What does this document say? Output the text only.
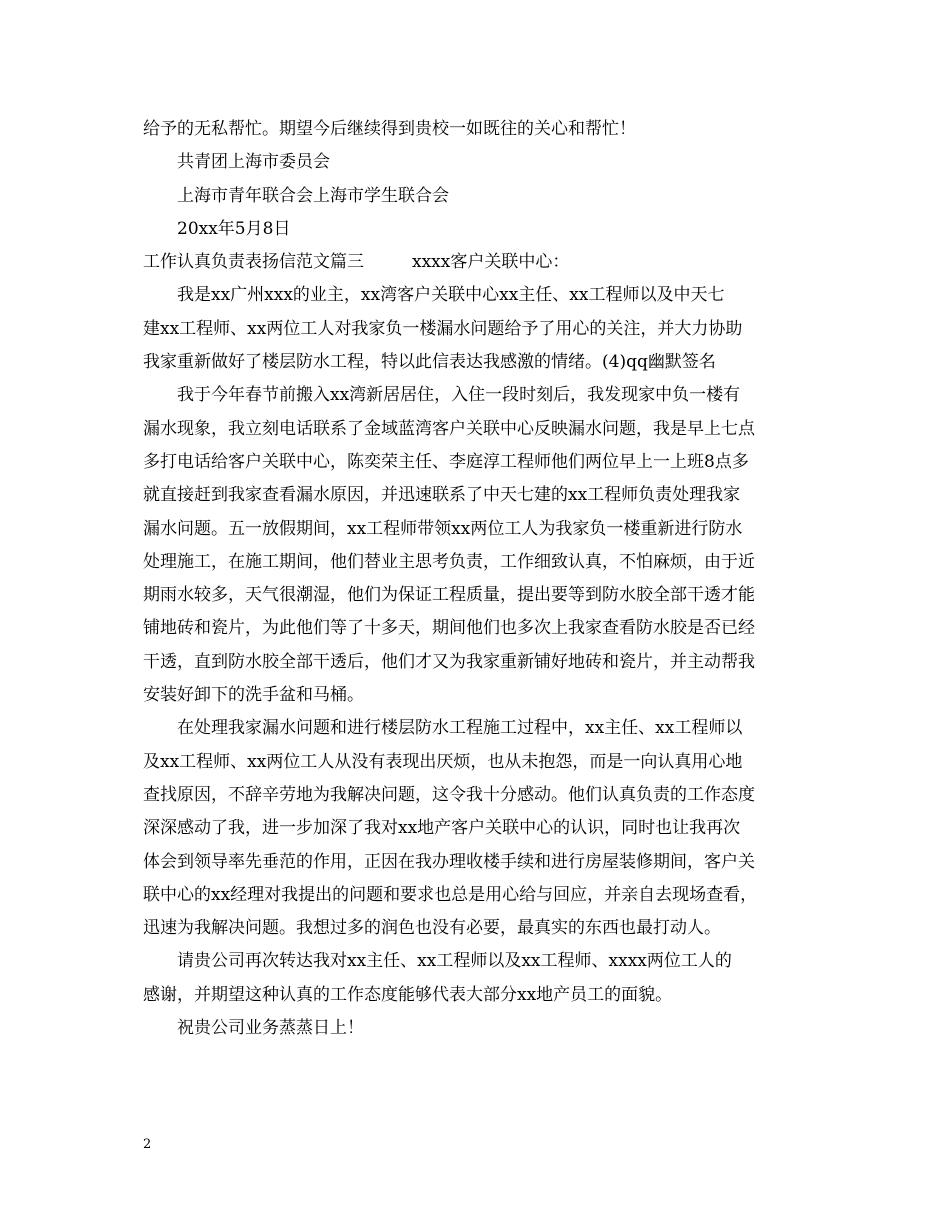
给予的无私帮忙。期望今后继续得到贵校一如既往的关心和帮忙！
共青团上海市委员会
上海市青年联合会上海市学生联合会
20xx年5月8日
工作认真负责表扬信范文篇三	xxxx客户关联中心：
我是xx广州xxx的业主，xx湾客户关联中心xx主任、xx工程师以及中天七
建xx工程师、xx两位工人对我家负一楼漏水问题给予了用心的关注，并大力协助
我家重新做好了楼层防水工程，特以此信表达我感激的情绪。(4)qq幽默签名
我于今年春节前搬入xx湾新居居住，入住一段时刻后，我发现家中负一楼有
漏水现象，我立刻电话联系了金域蓝湾客户关联中心反映漏水问题，我是早上七点
多打电话给客户关联中心，陈奕荣主任、李庭淳工程师他们两位早上一上班8点多
就直接赶到我家查看漏水原因，并迅速联系了中天七建的xx工程师负责处理我家
漏水问题。五一放假期间，xx工程师带领xx两位工人为我家负一楼重新进行防水
处理施工，在施工期间，他们替业主思考负责，工作细致认真，不怕麻烦，由于近
期雨水较多，天气很潮湿，他们为保证工程质量，提出要等到防水胶全部干透才能
铺地砖和瓷片，为此他们等了十多天，期间他们也多次上我家查看防水胶是否已经
干透，直到防水胶全部干透后，他们才又为我家重新铺好地砖和瓷片，并主动帮我
安装好卸下的洗手盆和马桶。
在处理我家漏水问题和进行楼层防水工程施工过程中，xx主任、xx工程师以
及xx工程师、xx两位工人从没有表现出厌烦，也从未抱怨，而是一向认真用心地
查找原因，不辞辛劳地为我解决问题，这令我十分感动。他们认真负责的工作态度
深深感动了我，进一步加深了我对xx地产客户关联中心的认识，同时也让我再次
体会到领导率先垂范的作用，正因在我办理收楼手续和进行房屋装修期间，客户关
联中心的xx经理对我提出的问题和要求也总是用心给与回应，并亲自去现场查看，
迅速为我解决问题。我想过多的润色也没有必要，最真实的东西也最打动人。
请贵公司再次转达我对xx主任、xx工程师以及xx工程师、xxxx两位工人的
感谢，并期望这种认真的工作态度能够代表大部分xx地产员工的面貌。
祝贵公司业务蒸蒸日上！
2
